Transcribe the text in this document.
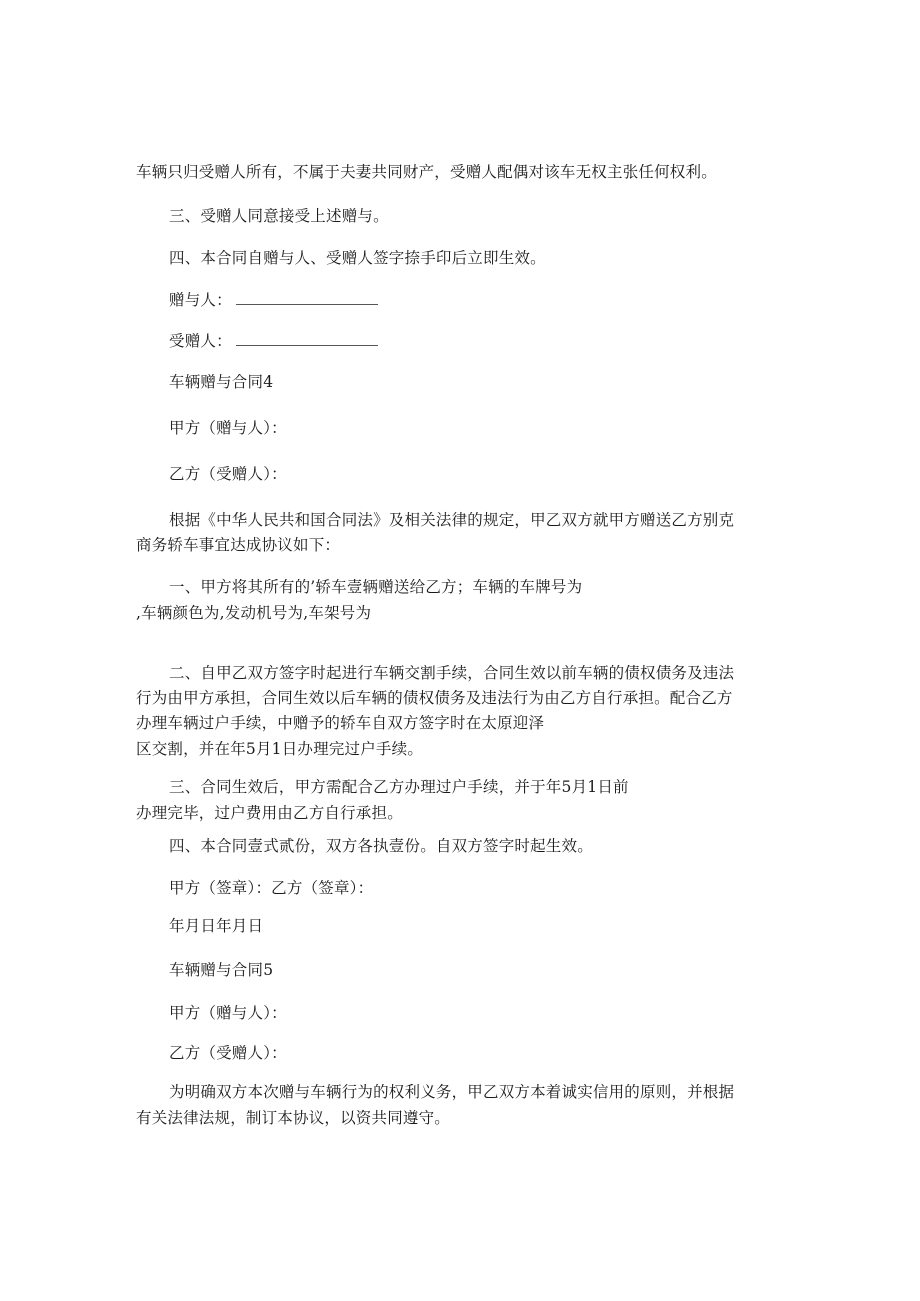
车辆只归受赠人所有，不属于夫妻共同财产，受赠人配偶对该车无权主张任何权利。
三、受赠人同意接受上述赠与。
四、本合同自赠与人、受赠人签字捺手印后立即生效。
赠与人：
受赠人：
车辆赠与合同4
甲方（赠与人）：
乙方（受赠人）：
根据《中华人民共和国合同法》及相关法律的规定，甲乙双方就甲方赠送乙方别克
商务轿车事宜达成协议如下：
一、甲方将其所有的’轿车壹辆赠送给乙方；车辆的车牌号为
,车辆颜色为,发动机号为,车架号为
二、自甲乙双方签字时起进行车辆交割手续，合同生效以前车辆的债权债务及违法
行为由甲方承担，合同生效以后车辆的债权债务及违法行为由乙方自行承担。配合乙方
办理车辆过户手续，中赠予的轿车自双方签字时在太原迎泽
区交割，并在年5月1日办理完过户手续。
三、合同生效后，甲方需配合乙方办理过户手续，并于年5月1日前
办理完毕，过户费用由乙方自行承担。
四、本合同壹式贰份，双方各执壹份。自双方签字时起生效。
甲方（签章）：乙方（签章）：
年月日年月日
车辆赠与合同5
甲方（赠与人）：
乙方（受赠人）：
为明确双方本次赠与车辆行为的权利义务，甲乙双方本着诚实信用的原则，并根据
有关法律法规，制订本协议，以资共同遵守。
